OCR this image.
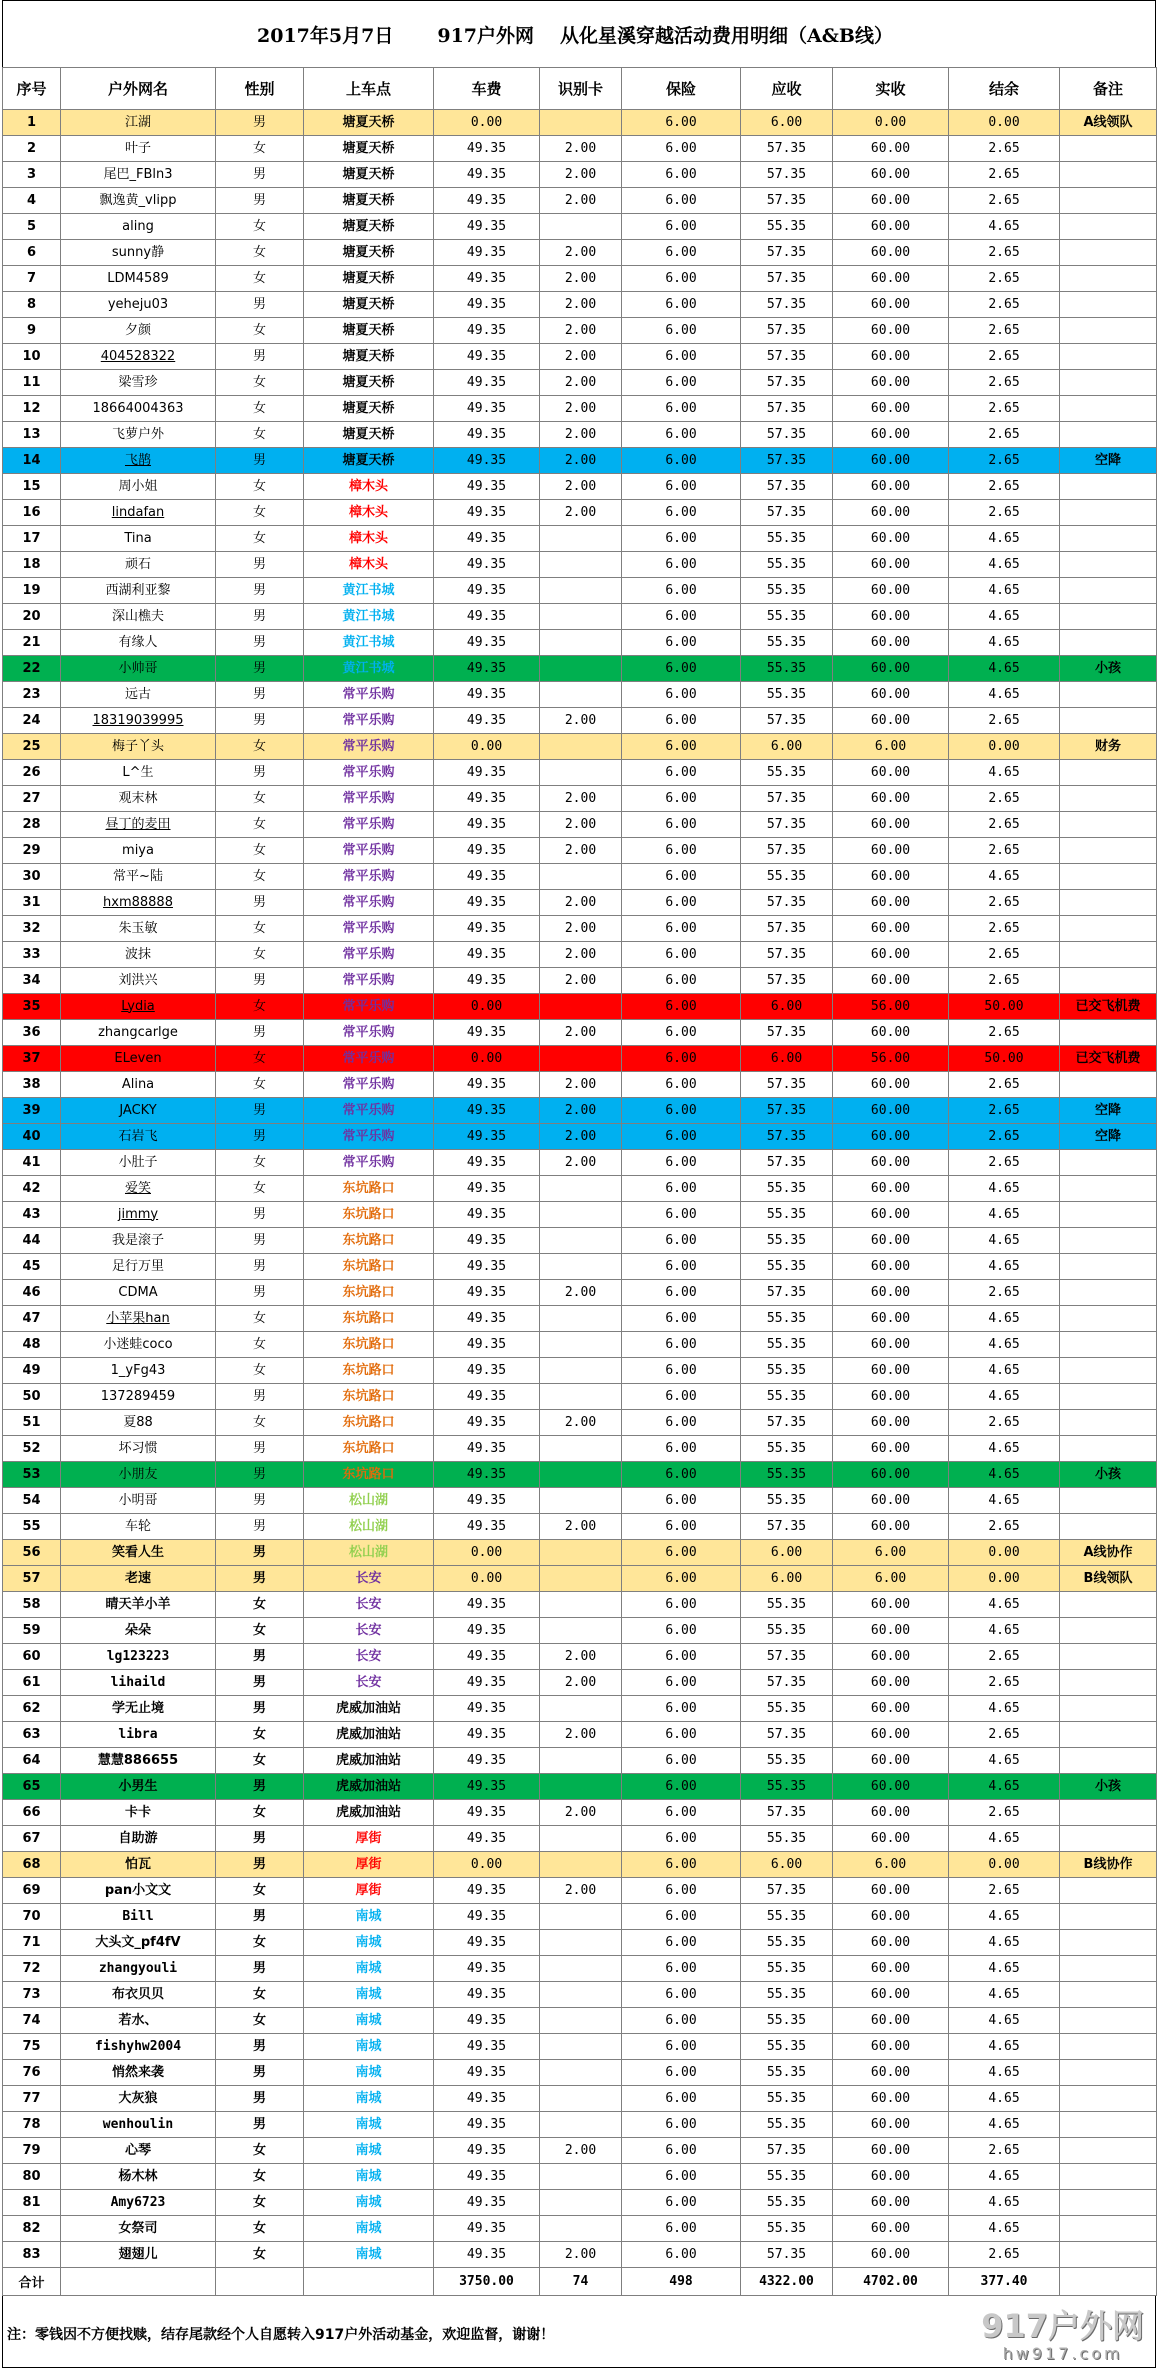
2017年5月7日 917户外网 从化星溪穿越活动费用明细（A&B线）
序号	户外网名	性别	上车点	车费	识别卡	保险	应收	实收	结余	备注
1	江湖	男	塘夏天桥	0.00		6.00	6.00	0.00	0.00	A线领队
2	叶子	女	塘夏天桥	49.35	2.00	6.00	57.35	60.00	2.65	
3	尾巴_FBln3	男	塘夏天桥	49.35	2.00	6.00	57.35	60.00	2.65	
4	飘逸黄_vlipp	男	塘夏天桥	49.35	2.00	6.00	57.35	60.00	2.65	
5	aling	女	塘夏天桥	49.35		6.00	55.35	60.00	4.65	
6	sunny静	女	塘夏天桥	49.35	2.00	6.00	57.35	60.00	2.65	
7	LDM4589	女	塘夏天桥	49.35	2.00	6.00	57.35	60.00	2.65	
8	yeheju03	男	塘夏天桥	49.35	2.00	6.00	57.35	60.00	2.65	
9	夕颜	女	塘夏天桥	49.35	2.00	6.00	57.35	60.00	2.65	
10	404528322	男	塘夏天桥	49.35	2.00	6.00	57.35	60.00	2.65	
11	梁雪珍	女	塘夏天桥	49.35	2.00	6.00	57.35	60.00	2.65	
12	18664004363	女	塘夏天桥	49.35	2.00	6.00	57.35	60.00	2.65	
13	飞萝户外	女	塘夏天桥	49.35	2.00	6.00	57.35	60.00	2.65	
14	飞鹊	男	塘夏天桥	49.35	2.00	6.00	57.35	60.00	2.65	空降
15	周小姐	女	樟木头	49.35	2.00	6.00	57.35	60.00	2.65	
16	lindafan	女	樟木头	49.35	2.00	6.00	57.35	60.00	2.65	
17	Tina	女	樟木头	49.35		6.00	55.35	60.00	4.65	
18	顽石	男	樟木头	49.35		6.00	55.35	60.00	4.65	
19	西湖利亚黎	男	黄江书城	49.35		6.00	55.35	60.00	4.65	
20	深山樵夫	男	黄江书城	49.35		6.00	55.35	60.00	4.65	
21	有缘人	男	黄江书城	49.35		6.00	55.35	60.00	4.65	
22	小帅哥	男	黄江书城	49.35		6.00	55.35	60.00	4.65	小孩
23	远古	男	常平乐购	49.35		6.00	55.35	60.00	4.65	
24	18319039995	男	常平乐购	49.35	2.00	6.00	57.35	60.00	2.65	
25	梅子丫头	女	常平乐购	0.00		6.00	6.00	6.00	0.00	财务
26	L^生	男	常平乐购	49.35		6.00	55.35	60.00	4.65	
27	观末林	女	常平乐购	49.35	2.00	6.00	57.35	60.00	2.65	
28	昼丁的麦田	女	常平乐购	49.35	2.00	6.00	57.35	60.00	2.65	
29	miya	女	常平乐购	49.35	2.00	6.00	57.35	60.00	2.65	
30	常平~陆	女	常平乐购	49.35		6.00	55.35	60.00	4.65	
31	hxm88888	男	常平乐购	49.35	2.00	6.00	57.35	60.00	2.65	
32	朱玉敏	女	常平乐购	49.35	2.00	6.00	57.35	60.00	2.65	
33	波抹	女	常平乐购	49.35	2.00	6.00	57.35	60.00	2.65	
34	刘洪兴	男	常平乐购	49.35	2.00	6.00	57.35	60.00	2.65	
35	Lydia	女	常平乐购	0.00		6.00	6.00	56.00	50.00	已交飞机费
36	zhangcarlge	男	常平乐购	49.35	2.00	6.00	57.35	60.00	2.65	
37	ELeven	女	常平乐购	0.00		6.00	6.00	56.00	50.00	已交飞机费
38	Alina	女	常平乐购	49.35	2.00	6.00	57.35	60.00	2.65	
39	JACKY	男	常平乐购	49.35	2.00	6.00	57.35	60.00	2.65	空降
40	石岩飞	男	常平乐购	49.35	2.00	6.00	57.35	60.00	2.65	空降
41	小肚子	女	常平乐购	49.35	2.00	6.00	57.35	60.00	2.65	
42	爱笑	女	东坑路口	49.35		6.00	55.35	60.00	4.65	
43	jimmy	男	东坑路口	49.35		6.00	55.35	60.00	4.65	
44	我是滚子	男	东坑路口	49.35		6.00	55.35	60.00	4.65	
45	足行万里	男	东坑路口	49.35		6.00	55.35	60.00	4.65	
46	CDMA	男	东坑路口	49.35	2.00	6.00	57.35	60.00	2.65	
47	小苹果han	女	东坑路口	49.35		6.00	55.35	60.00	4.65	
48	小迷蛙coco	女	东坑路口	49.35		6.00	55.35	60.00	4.65	
49	1_yFg43	女	东坑路口	49.35		6.00	55.35	60.00	4.65	
50	137289459	男	东坑路口	49.35		6.00	55.35	60.00	4.65	
51	夏88	女	东坑路口	49.35	2.00	6.00	57.35	60.00	2.65	
52	坏习惯	男	东坑路口	49.35		6.00	55.35	60.00	4.65	
53	小朋友	男	东坑路口	49.35		6.00	55.35	60.00	4.65	小孩
54	小明哥	男	松山湖	49.35		6.00	55.35	60.00	4.65	
55	车轮	男	松山湖	49.35	2.00	6.00	57.35	60.00	2.65	
56	笑看人生	男	松山湖	0.00		6.00	6.00	6.00	0.00	A线协作
57	老速	男	长安	0.00		6.00	6.00	6.00	0.00	B线领队
58	晴天羊小羊	女	长安	49.35		6.00	55.35	60.00	4.65	
59	朵朵	女	长安	49.35		6.00	55.35	60.00	4.65	
60	lg123223	男	长安	49.35	2.00	6.00	57.35	60.00	2.65	
61	lihaild	男	长安	49.35	2.00	6.00	57.35	60.00	2.65	
62	学无止境	男	虎威加油站	49.35		6.00	55.35	60.00	4.65	
63	libra	女	虎威加油站	49.35	2.00	6.00	57.35	60.00	2.65	
64	慧慧886655	女	虎威加油站	49.35		6.00	55.35	60.00	4.65	
65	小男生	男	虎威加油站	49.35		6.00	55.35	60.00	4.65	小孩
66	卡卡	女	虎威加油站	49.35	2.00	6.00	57.35	60.00	2.65	
67	自助游	男	厚街	49.35		6.00	55.35	60.00	4.65	
68	怕瓦	男	厚街	0.00		6.00	6.00	6.00	0.00	B线协作
69	pan小文文	女	厚街	49.35	2.00	6.00	57.35	60.00	2.65	
70	Bill	男	南城	49.35		6.00	55.35	60.00	4.65	
71	大头文_pf4fV	女	南城	49.35		6.00	55.35	60.00	4.65	
72	zhangyouli	男	南城	49.35		6.00	55.35	60.00	4.65	
73	布衣贝贝	女	南城	49.35		6.00	55.35	60.00	4.65	
74	若水、	女	南城	49.35		6.00	55.35	60.00	4.65	
75	fishyhw2004	男	南城	49.35		6.00	55.35	60.00	4.65	
76	悄然来袭	男	南城	49.35		6.00	55.35	60.00	4.65	
77	大灰狼	男	南城	49.35		6.00	55.35	60.00	4.65	
78	wenhoulin	男	南城	49.35		6.00	55.35	60.00	4.65	
79	心琴	女	南城	49.35	2.00	6.00	57.35	60.00	2.65	
80	杨木林	女	南城	49.35		6.00	55.35	60.00	4.65	
81	Amy6723	女	南城	49.35		6.00	55.35	60.00	4.65	
82	女祭司	女	南城	49.35		6.00	55.35	60.00	4.65	
83	翅翅儿	女	南城	49.35	2.00	6.00	57.35	60.00	2.65	
合计				3750.00	74	498	4322.00	4702.00	377.40	
注：零钱因不方便找赎，结存尾款经个人自愿转入917户外活动基金，欢迎监督，谢谢！	917户外网
hw917.com
